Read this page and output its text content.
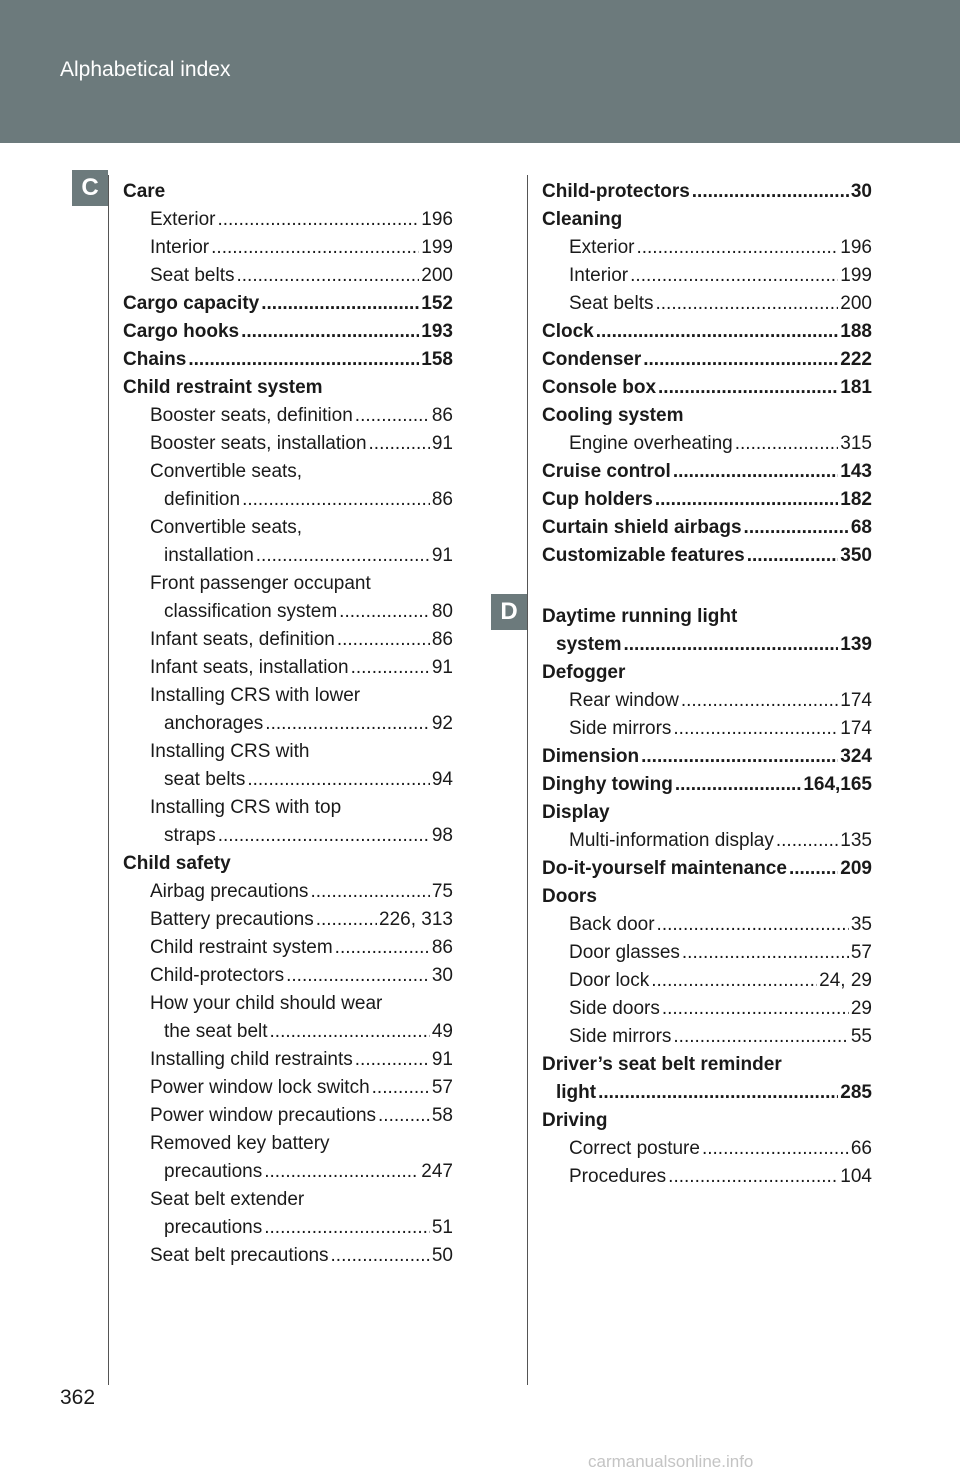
Alphabetical index
C
D
Care
Exterior .....	196
Interior .....	199
Seat belts .....	200
Cargo capacity .....	152
Cargo hooks .....	193
Chains .....	158
Child restraint system
Booster seats, definition .....	86
Booster seats, installation .....	91
Convertible seats,
definition .....	86
Convertible seats,
installation .....	91
Front passenger occupant
classification system .....	80
Infant seats, definition .....	86
Infant seats, installation .....	91
Installing CRS with lower
anchorages .....	92
Installing CRS with
seat belts .....	94
Installing CRS with top
straps .....	98
Child safety
Airbag precautions .....	75
Battery precautions .....	226, 313
Child restraint system .....	86
Child-protectors .....	30
How your child should wear
the seat belt .....	49
Installing child restraints .....	91
Power window lock switch .....	57
Power window precautions .....	58
Removed key battery
precautions .....	247
Seat belt extender
precautions .....	51
Seat belt precautions .....	50
Child-protectors .....	30
Cleaning
Exterior .....	196
Interior .....	199
Seat belts .....	200
Clock .....	188
Condenser .....	222
Console box .....	181
Cooling system
Engine overheating .....	315
Cruise control .....	143
Cup holders .....	182
Curtain shield airbags .....	68
Customizable features .....	350
Daytime running light
system .....	139
Defogger
Rear window .....	174
Side mirrors .....	174
Dimension .....	324
Dinghy towing .....	164,165
Display
Multi-information display .....	135
Do-it-yourself maintenance .....	209
Doors
Back door .....	35
Door glasses .....	57
Door lock .....	24, 29
Side doors .....	29
Side mirrors .....	55
Driver’s seat belt reminder
light .....	285
Driving
Correct posture .....	66
Procedures .....	104
362
carmanualsonline.info
